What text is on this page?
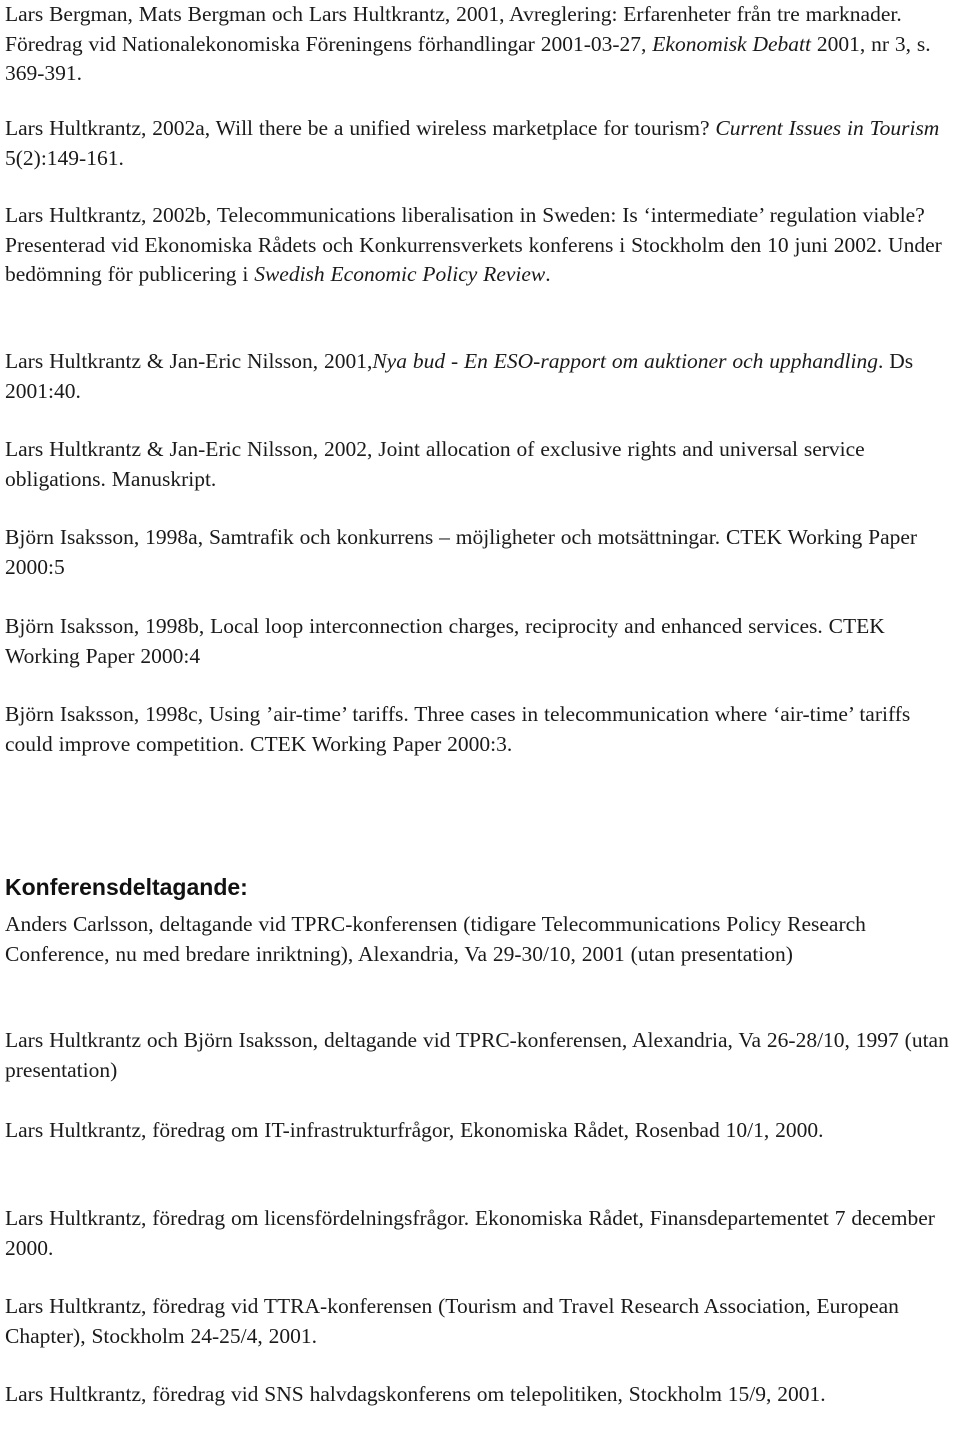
Lars Bergman, Mats Bergman och Lars Hultkrantz, 2001, Avreglering: Erfarenheter från tre marknader. Föredrag vid Nationalekonomiska Föreningens förhandlingar 2001-03-27, Ekonomisk Debatt 2001, nr 3, s. 369-391.

Lars Hultkrantz, 2002a, Will there be a unified wireless marketplace for tourism? Current Issues in Tourism 5(2):149-161.

Lars Hultkrantz, 2002b, Telecommunications liberalisation in Sweden: Is ‘intermediate’ regulation viable? Presenterad vid Ekonomiska Rådets och Konkurrensverkets konferens i Stockholm den 10 juni 2002. Under bedömning för publicering i Swedish Economic Policy Review.

Lars Hultkrantz & Jan-Eric Nilsson, 2001,Nya bud - En ESO-rapport om auktioner och upphandling. Ds 2001:40.

Lars Hultkrantz & Jan-Eric Nilsson, 2002, Joint allocation of exclusive rights and universal service obligations. Manuskript.

Björn Isaksson, 1998a, Samtrafik och konkurrens – möjligheter och motsättningar. CTEK Working Paper 2000:5

Björn Isaksson, 1998b, Local loop interconnection charges, reciprocity and enhanced services. CTEK Working Paper 2000:4

Björn Isaksson, 1998c, Using ’air-time’ tariffs. Three cases in telecommunication where ‘air-time’ tariffs could improve competition. CTEK Working Paper 2000:3.

Konferensdeltagande:

Anders Carlsson, deltagande vid TPRC-konferensen (tidigare Telecommunications Policy Research Conference, nu med bredare inriktning), Alexandria, Va 29-30/10, 2001 (utan presentation)

Lars Hultkrantz och Björn Isaksson, deltagande vid TPRC-konferensen, Alexandria, Va 26-28/10, 1997 (utan presentation)

Lars Hultkrantz, föredrag om IT-infrastrukturfrågor, Ekonomiska Rådet, Rosenbad 10/1, 2000.

Lars Hultkrantz, föredrag om licensfördelningsfrågor. Ekonomiska Rådet, Finansdepartementet 7 december 2000.

Lars Hultkrantz, föredrag vid TTRA-konferensen (Tourism and Travel Research Association, European Chapter), Stockholm 24-25/4, 2001.

Lars Hultkrantz, föredrag vid SNS halvdagskonferens om telepolitiken, Stockholm 15/9, 2001.
